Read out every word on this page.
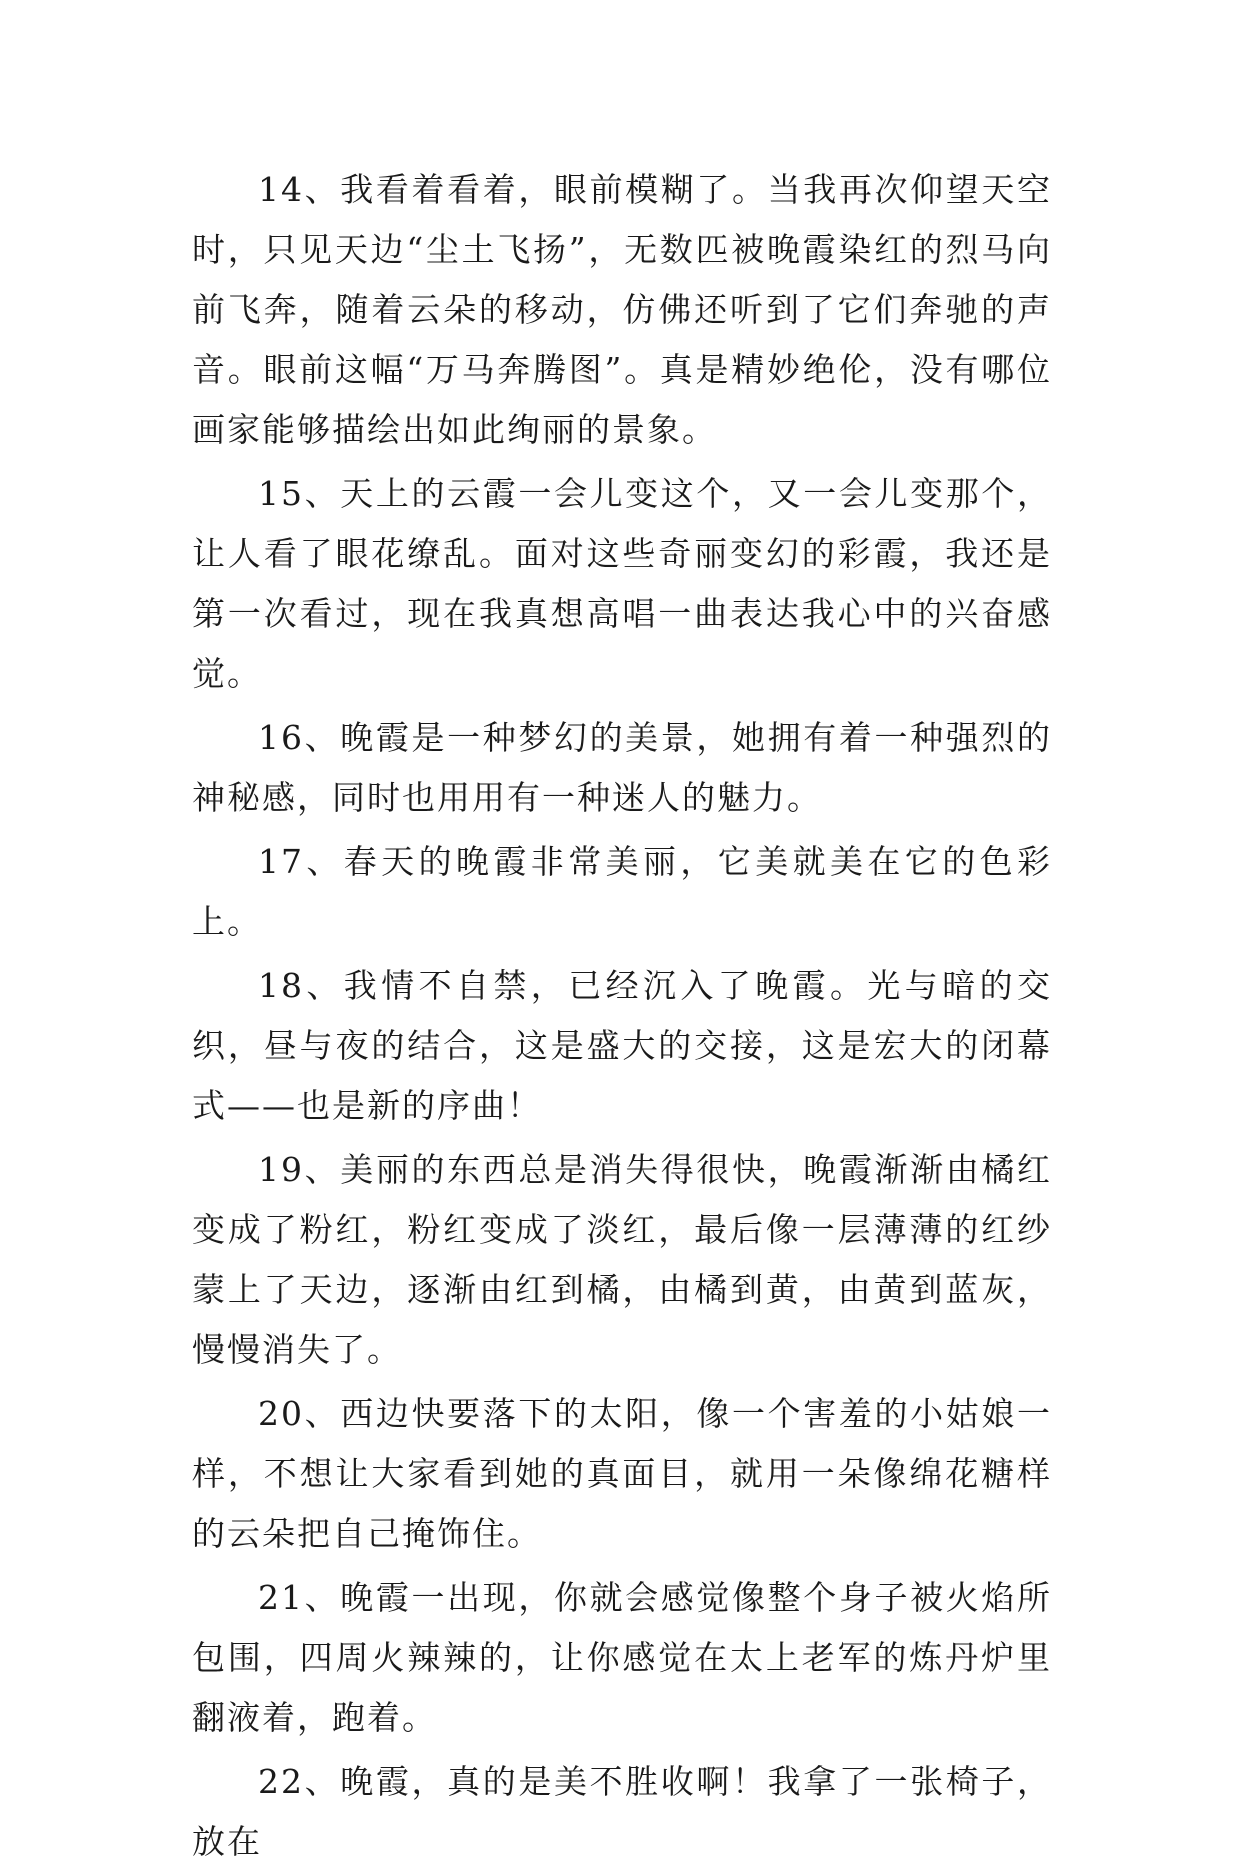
14、我看着看着，眼前模糊了。当我再次仰望天空时，只见天边“尘土飞扬”，无数匹被晚霞染红的烈马向前飞奔，随着云朵的移动，仿佛还听到了它们奔驰的声音。眼前这幅“万马奔腾图”。真是精妙绝伦，没有哪位画家能够描绘出如此绚丽的景象。

15、天上的云霞一会儿变这个，又一会儿变那个，让人看了眼花缭乱。面对这些奇丽变幻的彩霞，我还是第一次看过，现在我真想高唱一曲表达我心中的兴奋感觉。

16、晚霞是一种梦幻的美景，她拥有着一种强烈的神秘感，同时也用用有一种迷人的魅力。

17、春天的晚霞非常美丽，它美就美在它的色彩上。

18、我情不自禁，已经沉入了晚霞。光与暗的交织，昼与夜的结合，这是盛大的交接，这是宏大的闭幕式——也是新的序曲！

19、美丽的东西总是消失得很快，晚霞渐渐由橘红变成了粉红，粉红变成了淡红，最后像一层薄薄的红纱蒙上了天边，逐渐由红到橘，由橘到黄，由黄到蓝灰，慢慢消失了。

20、西边快要落下的太阳，像一个害羞的小姑娘一样，不想让大家看到她的真面目，就用一朵像绵花糖样的云朵把自己掩饰住。

21、晚霞一出现，你就会感觉像整个身子被火焰所包围，四周火辣辣的，让你感觉在太上老军的炼丹炉里翻液着，跑着。

22、晚霞，真的是美不胜收啊！我拿了一张椅子，放在
